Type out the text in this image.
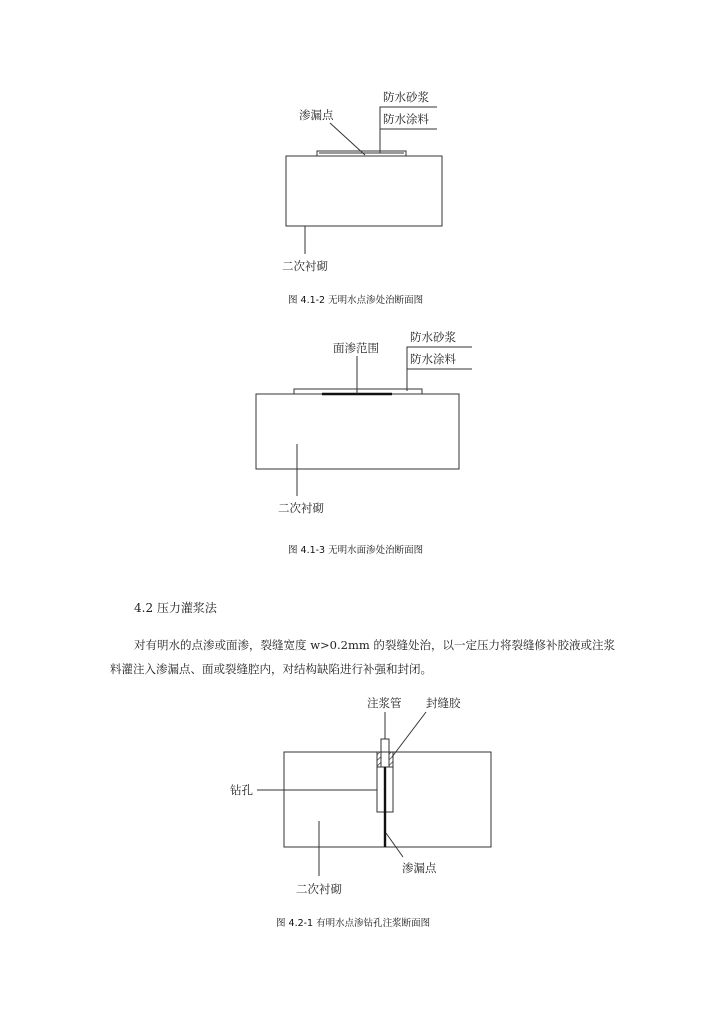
防水砂浆
防水涂料
渗漏点
二次衬砌
防水砂浆
防水涂料
面渗范围
二次衬砌
注浆管 封缝胶
钻孔
渗漏点
二次衬砌
图 4.1-2 无明水点渗处治断面图
图 4.1-3 无明水面渗处治断面图
4.2 压力灌浆法
对有明水的点渗或面渗，裂缝宽度 w>0.2mm 的裂缝处治，以一定压力将裂缝修补胶液或注浆料灌注入渗漏点、面或裂缝腔内，对结构缺陷进行补强和封闭。
图 4.2-1 有明水点渗钻孔注浆断面图
